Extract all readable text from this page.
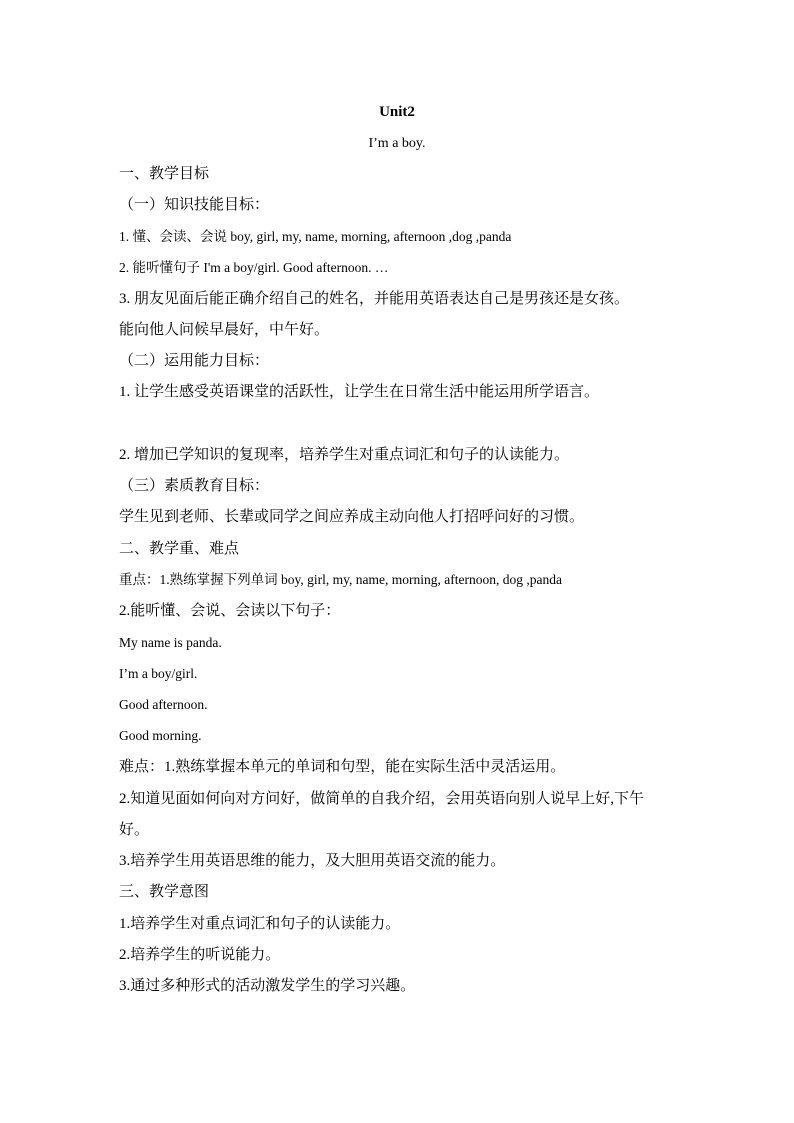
Unit2
I’m a boy.
一、教学目标
（一）知识技能目标：
1. 懂、会读、会说 boy, girl, my, name, morning, afternoon ,dog ,panda
2. 能听懂句子 I'm a boy/girl. Good afternoon. …
3. 朋友见面后能正确介绍自己的姓名，并能用英语表达自己是男孩还是女孩。
能向他人问候早晨好，中午好。
（二）运用能力目标：
1. 让学生感受英语课堂的活跃性，让学生在日常生活中能运用所学语言。
2. 增加已学知识的复现率，培养学生对重点词汇和句子的认读能力。
（三）素质教育目标：
学生见到老师、长辈或同学之间应养成主动向他人打招呼问好的习惯。
二、教学重、难点
重点：1.熟练掌握下列单词 boy, girl, my, name, morning, afternoon, dog ,panda
2.能听懂、会说、会读以下句子：
My name is panda.
I’m a boy/girl.
Good afternoon.
Good morning.
难点：1.熟练掌握本单元的单词和句型，能在实际生活中灵活运用。
2.知道见面如何向对方问好，做简单的自我介绍，会用英语向别人说早上好,下午
好。
3.培养学生用英语思维的能力，及大胆用英语交流的能力。
三、教学意图
1.培养学生对重点词汇和句子的认读能力。
2.培养学生的听说能力。
3.通过多种形式的活动激发学生的学习兴趣。
